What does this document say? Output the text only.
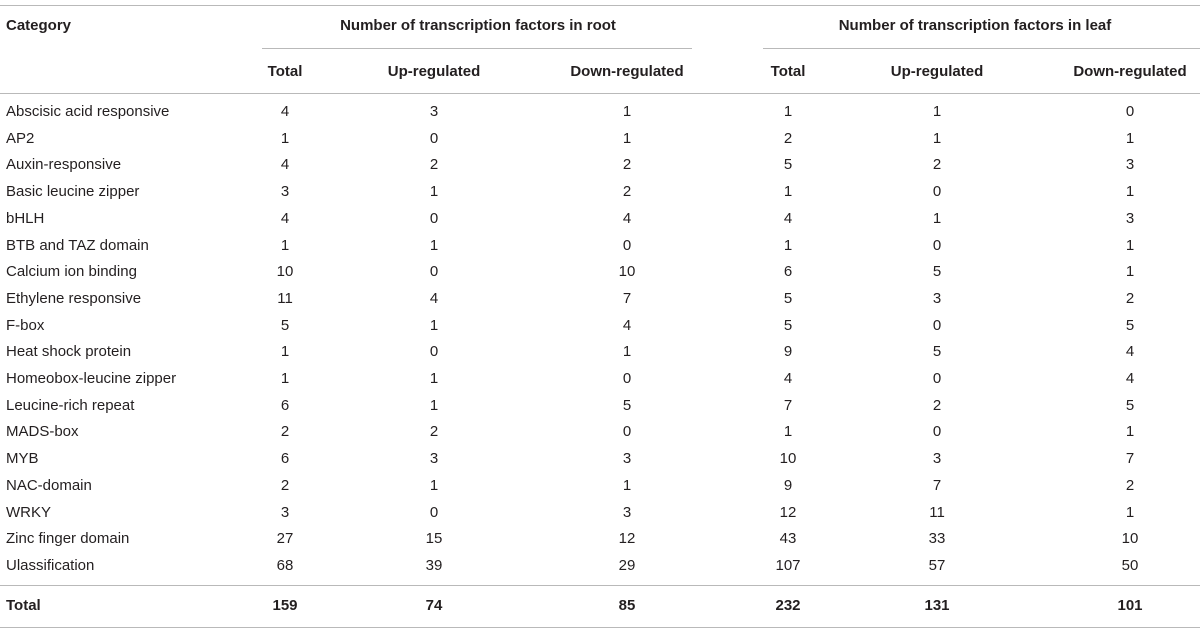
Category	Number of transcription factors in root	Number of transcription factors in leaf
Total	Up-regulated	Down-regulated	Total	Up-regulated	Down-regulated
Abscisic acid responsive	4	3	1	1	1	0
AP2	1	0	1	2	1	1
Auxin-responsive	4	2	2	5	2	3
Basic leucine zipper	3	1	2	1	0	1
bHLH	4	0	4	4	1	3
BTB and TAZ domain	1	1	0	1	0	1
Calcium ion binding	10	0	10	6	5	1
Ethylene responsive	11	4	7	5	3	2
F-box	5	1	4	5	0	5
Heat shock protein	1	0	1	9	5	4
Homeobox-leucine zipper	1	1	0	4	0	4
Leucine-rich repeat	6	1	5	7	2	5
MADS-box	2	2	0	1	0	1
MYB	6	3	3	10	3	7
NAC-domain	2	1	1	9	7	2
WRKY	3	0	3	12	11	1
Zinc finger domain	27	15	12	43	33	10
Ulassification	68	39	29	107	57	50
Total	159	74	85	232	131	101
